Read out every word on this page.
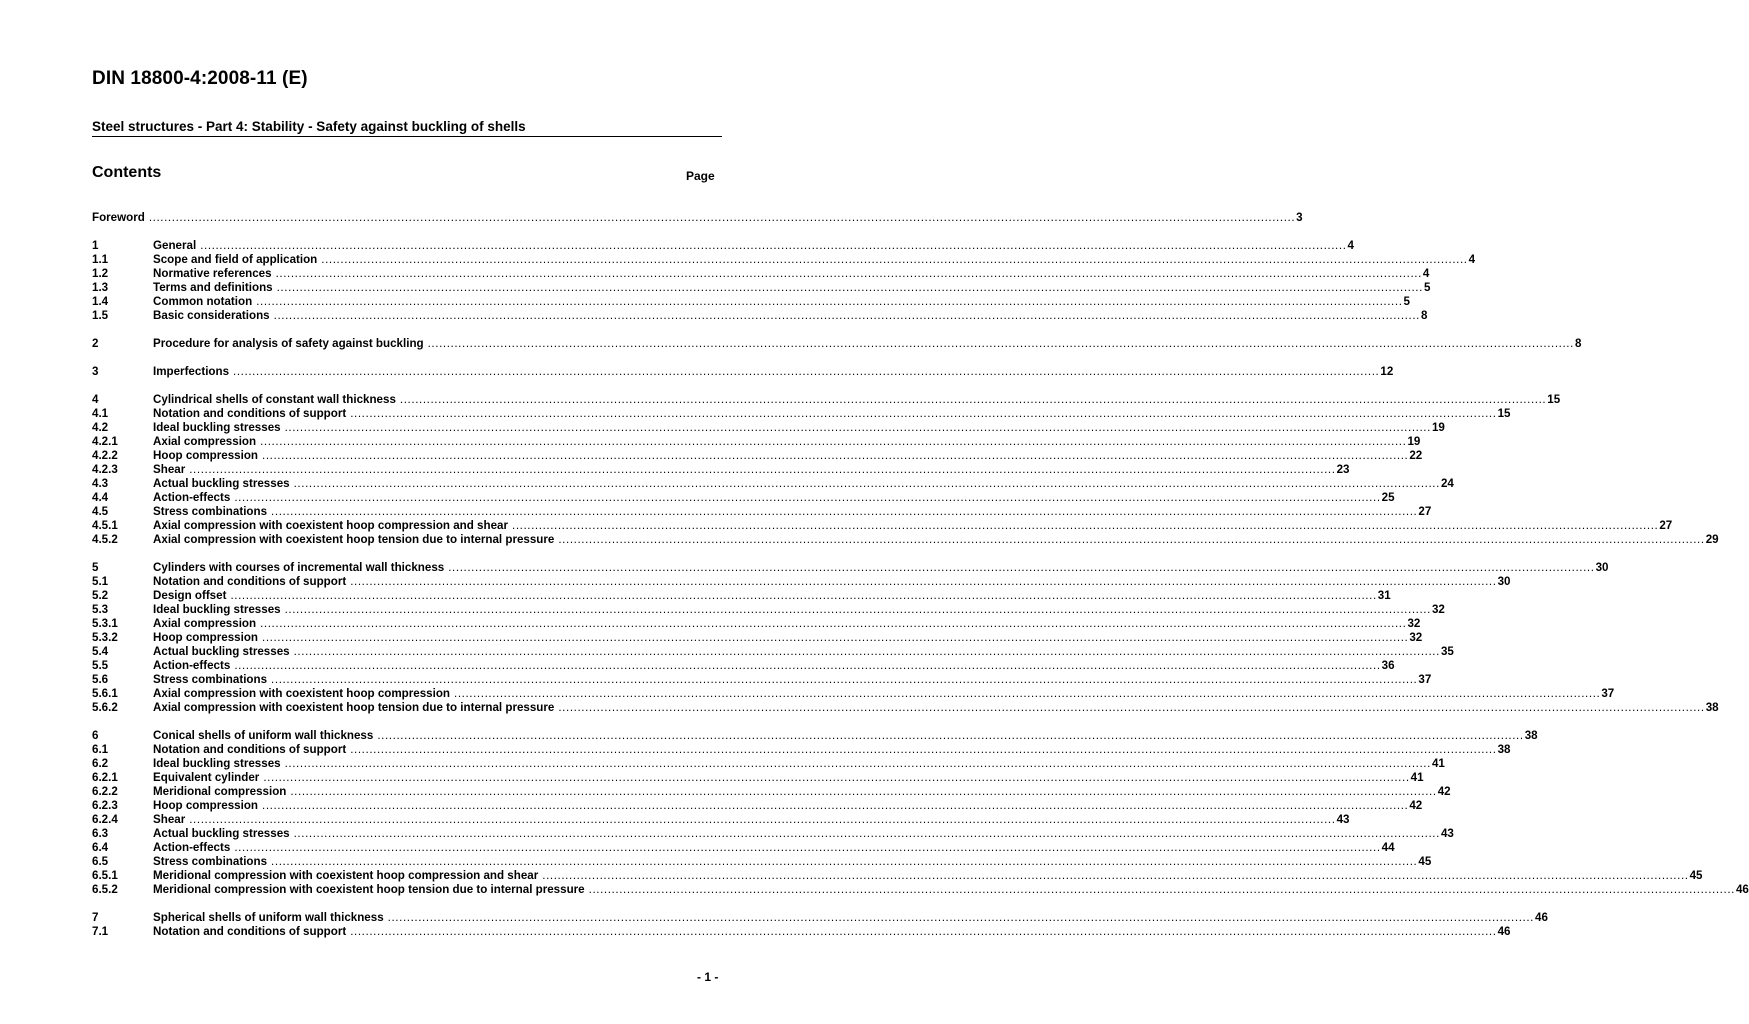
DIN 18800-4:2008-11 (E)
Steel structures - Part 4: Stability - Safety against buckling of shells
Contents	Page
Foreword ............................................................................................................................................................................................................................................................................................................ 3
1	General ............................................................................................................................................................................................................................................................................................................ 4
1.1	Scope and field of application ............................................................................................................................................................................................................................................................................................................ 4
1.2	Normative references ............................................................................................................................................................................................................................................................................................................ 4
1.3	Terms and definitions ............................................................................................................................................................................................................................................................................................................ 5
1.4	Common notation ............................................................................................................................................................................................................................................................................................................ 5
1.5	Basic considerations ............................................................................................................................................................................................................................................................................................................ 8
2	Procedure for analysis of safety against buckling ............................................................................................................................................................................................................................................................................................................ 8
3	Imperfections ............................................................................................................................................................................................................................................................................................................ 12
4	Cylindrical shells of constant wall thickness ............................................................................................................................................................................................................................................................................................................ 15
4.1	Notation and conditions of support ............................................................................................................................................................................................................................................................................................................ 15
4.2	Ideal buckling stresses ............................................................................................................................................................................................................................................................................................................ 19
4.2.1	Axial compression ............................................................................................................................................................................................................................................................................................................ 19
4.2.2	Hoop compression ............................................................................................................................................................................................................................................................................................................ 22
4.2.3	Shear ............................................................................................................................................................................................................................................................................................................ 23
4.3	Actual buckling stresses ............................................................................................................................................................................................................................................................................................................ 24
4.4	Action-effects ............................................................................................................................................................................................................................................................................................................ 25
4.5	Stress combinations ............................................................................................................................................................................................................................................................................................................ 27
4.5.1	Axial compression with coexistent hoop compression and shear ............................................................................................................................................................................................................................................................................................................ 27
4.5.2	Axial compression with coexistent hoop tension due to internal pressure ............................................................................................................................................................................................................................................................................................................ 29
5	Cylinders with courses of incremental wall thickness ............................................................................................................................................................................................................................................................................................................ 30
5.1	Notation and conditions of support ............................................................................................................................................................................................................................................................................................................ 30
5.2	Design offset ............................................................................................................................................................................................................................................................................................................ 31
5.3	Ideal buckling stresses ............................................................................................................................................................................................................................................................................................................ 32
5.3.1	Axial compression ............................................................................................................................................................................................................................................................................................................ 32
5.3.2	Hoop compression ............................................................................................................................................................................................................................................................................................................ 32
5.4	Actual buckling stresses ............................................................................................................................................................................................................................................................................................................ 35
5.5	Action-effects ............................................................................................................................................................................................................................................................................................................ 36
5.6	Stress combinations ............................................................................................................................................................................................................................................................................................................ 37
5.6.1	Axial compression with coexistent hoop compression ............................................................................................................................................................................................................................................................................................................ 37
5.6.2	Axial compression with coexistent hoop tension due to internal pressure ............................................................................................................................................................................................................................................................................................................ 38
6	Conical shells of uniform wall thickness ............................................................................................................................................................................................................................................................................................................ 38
6.1	Notation and conditions of support ............................................................................................................................................................................................................................................................................................................ 38
6.2	Ideal buckling stresses ............................................................................................................................................................................................................................................................................................................ 41
6.2.1	Equivalent cylinder ............................................................................................................................................................................................................................................................................................................ 41
6.2.2	Meridional compression ............................................................................................................................................................................................................................................................................................................ 42
6.2.3	Hoop compression ............................................................................................................................................................................................................................................................................................................ 42
6.2.4	Shear ............................................................................................................................................................................................................................................................................................................ 43
6.3	Actual buckling stresses ............................................................................................................................................................................................................................................................................................................ 43
6.4	Action-effects ............................................................................................................................................................................................................................................................................................................ 44
6.5	Stress combinations ............................................................................................................................................................................................................................................................................................................ 45
6.5.1	Meridional compression with coexistent hoop compression and shear ............................................................................................................................................................................................................................................................................................................ 45
6.5.2	Meridional compression with coexistent hoop tension due to internal pressure ............................................................................................................................................................................................................................................................................................................ 46
7	Spherical shells of uniform wall thickness ............................................................................................................................................................................................................................................................................................................ 46
7.1	Notation and conditions of support ............................................................................................................................................................................................................................................................................................................ 46
- 1 -
